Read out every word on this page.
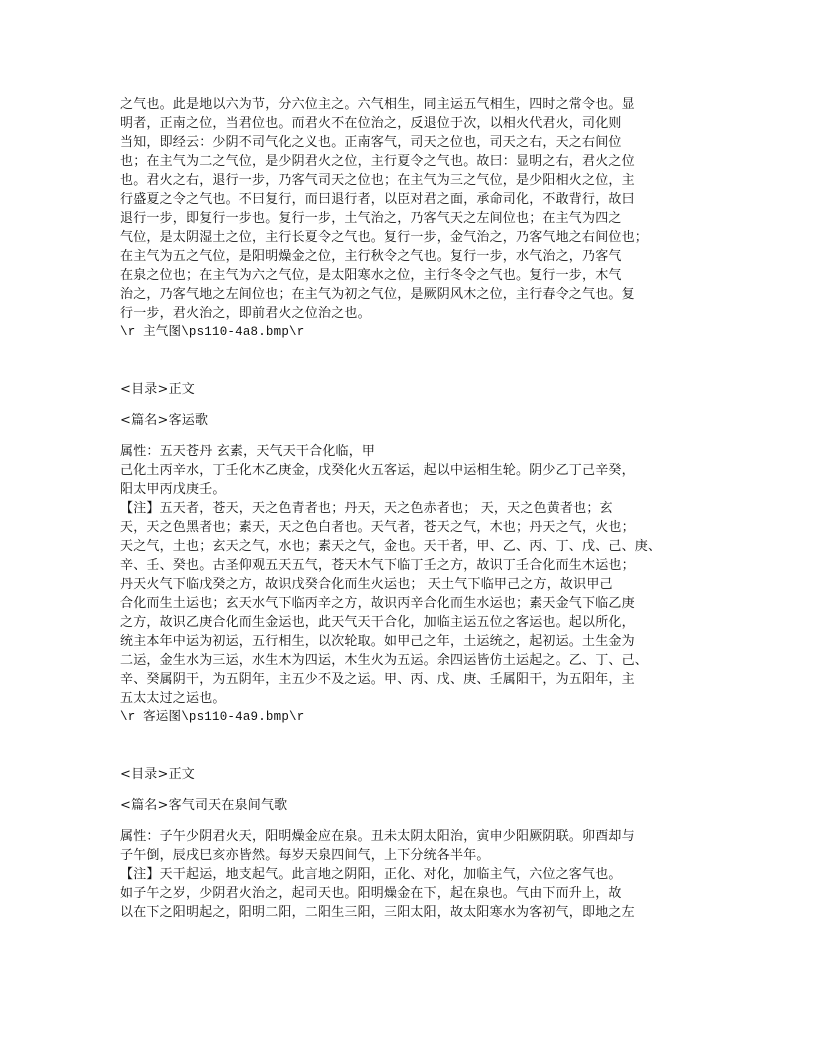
之气也。此是地以六为节，分六位主之。六气相生，同主运五气相生，四时之常令也。显
明者，正南之位，当君位也。而君火不在位治之，反退位于次，以相火代君火，司化则
当知，即经云：少阴不司气化之义也。正南客气，司天之位也，司天之右，天之右间位
也；在主气为二之气位，是少阴君火之位，主行夏令之气也。故曰：显明之右，君火之位
也。君火之右，退行一步，乃客气司天之位也；在主气为三之气位，是少阳相火之位，主
行盛夏之令之气也。不曰复行，而曰退行者，以臣对君之面，承命司化，不敢背行，故曰
退行一步，即复行一步也。复行一步，土气治之，乃客气天之左间位也；在主气为四之
气位，是太阴湿土之位，主行长夏令之气也。复行一步，金气治之，乃客气地之右间位也；
在主气为五之气位，是阳明燥金之位，主行秋令之气也。复行一步，水气治之，乃客气
在泉之位也；在主气为六之气位，是太阳寒水之位，主行冬令之气也。复行一步，木气
治之，乃客气地之左间位也；在主气为初之气位，是厥阴风木之位，主行春令之气也。复
行一步，君火治之，即前君火之位治之也。
\r 主气图\ps110-4a8.bmp\r
<目录>正文
<篇名>客运歌
属性：五天苍丹 玄素，天气天干合化临，甲
己化土丙辛水，丁壬化木乙庚金，戊癸化火五客运，起以中运相生轮。阴少乙丁己辛癸，
阳太甲丙戊庚壬。
【注】五天者，苍天，天之色青者也；丹天，天之色赤者也； 天，天之色黄者也；玄
天，天之色黑者也；素天，天之色白者也。天气者，苍天之气，木也；丹天之气，火也；
天之气，土也；玄天之气，水也；素天之气，金也。天干者，甲、乙、丙、丁、戊、己、庚、
辛、壬、癸也。古圣仰观五天五气，苍天木气下临丁壬之方，故识丁壬合化而生木运也；
丹天火气下临戊癸之方，故识戊癸合化而生火运也； 天土气下临甲己之方，故识甲己
合化而生土运也；玄天水气下临丙辛之方，故识丙辛合化而生水运也；素天金气下临乙庚
之方，故识乙庚合化而生金运也，此天气天干合化，加临主运五位之客运也。起以所化，
统主本年中运为初运，五行相生，以次轮取。如甲己之年，土运统之，起初运。土生金为
二运，金生水为三运，水生木为四运，木生火为五运。余四运皆仿土运起之。乙、丁、己、
辛、癸属阴干，为五阴年，主五少不及之运。甲、丙、戊、庚、壬属阳干，为五阳年，主
五太太过之运也。
\r 客运图\ps110-4a9.bmp\r
<目录>正文
<篇名>客气司天在泉间气歌
属性：子午少阴君火天，阳明燥金应在泉。丑未太阴太阳治，寅申少阳厥阴联。卯酉却与
子午倒，辰戌巳亥亦皆然。每岁天泉四间气，上下分统各半年。
【注】天干起运，地支起气。此言地之阴阳，正化、对化，加临主气，六位之客气也。
如子午之岁，少阴君火治之，起司天也。阳明燥金在下，起在泉也。气由下而升上，故
以在下之阳明起之，阳明二阳，二阳生三阳，三阳太阳，故太阳寒水为客初气，即地之左
